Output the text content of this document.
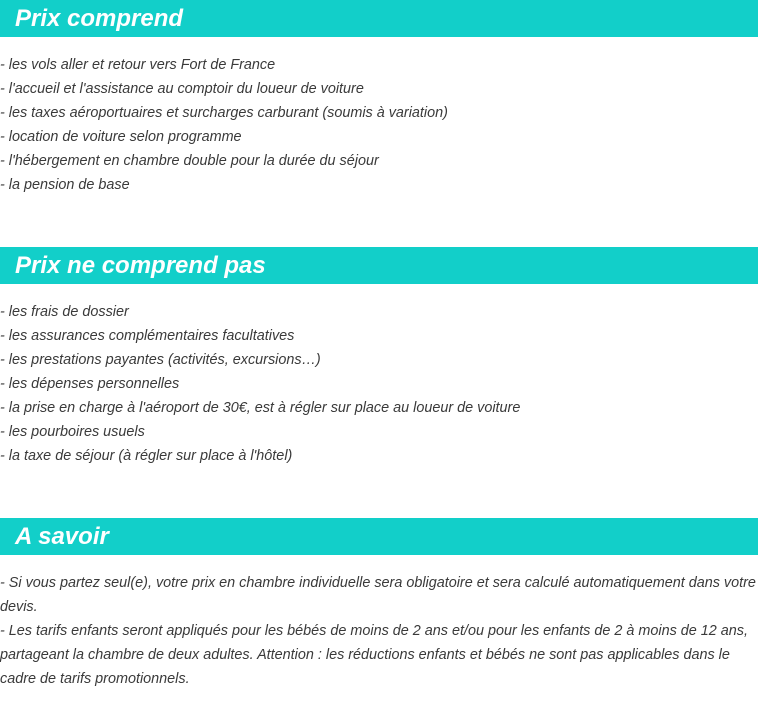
Prix comprend

- les vols aller et retour vers Fort de France

- l'accueil et l'assistance au comptoir du loueur de voiture

- les taxes aéroportuaires et surcharges carburant (soumis à variation)

- location de voiture selon programme

- l'hébergement en chambre double pour la durée du séjour

- la pension de base

Prix ne comprend pas

- les frais de dossier

- les assurances complémentaires facultatives

- les prestations payantes (activités, excursions…)

- les dépenses personnelles

- la prise en charge à l'aéroport de 30€, est à régler sur place au loueur de voiture

- les pourboires usuels

- la taxe de séjour (à régler sur place à l'hôtel)

A savoir

- Si vous partez seul(e), votre prix en chambre individuelle sera obligatoire et sera calculé automatiquement dans votre devis.

- Les tarifs enfants seront appliqués pour les bébés de moins de 2 ans et/ou pour les enfants de 2 à moins de 12 ans, partageant la chambre de deux adultes. Attention : les réductions enfants et bébés ne sont pas applicables dans le cadre de tarifs promotionnels.
